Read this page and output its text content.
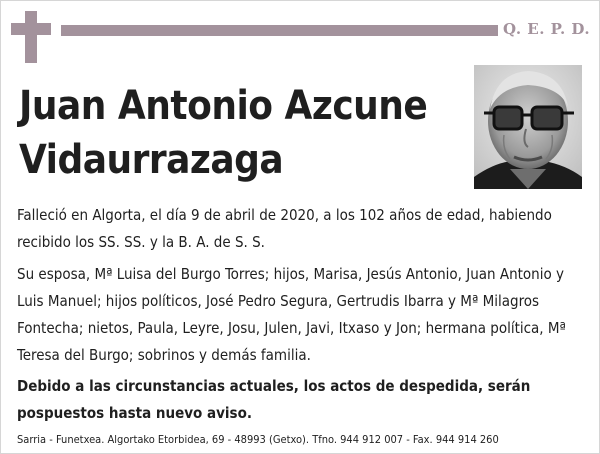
Q. E. P. D.
Juan Antonio Azcune
Vidaurrazaga
Falleció en Algorta, el día 9 de abril de 2020, a los 102 años de edad, habiendo recibido los SS. SS. y la B. A. de S. S.
Su esposa, Mª Luisa del Burgo Torres; hijos, Marisa, Jesús Antonio, Juan Antonio y Luis Manuel; hijos políticos, José Pedro Segura, Gertrudis Ibarra y Mª Milagros Fontecha; nietos, Paula, Leyre, Josu, Julen, Javi, Itxaso y Jon; hermana política, Mª Teresa del Burgo; sobrinos y demás familia.
Debido a las circunstancias actuales, los actos de despedida, serán pospuestos hasta nuevo aviso.
Sarria - Funetxea. Algortako Etorbidea, 69 - 48993 (Getxo). Tfno. 944 912 007 - Fax. 944 914 260
